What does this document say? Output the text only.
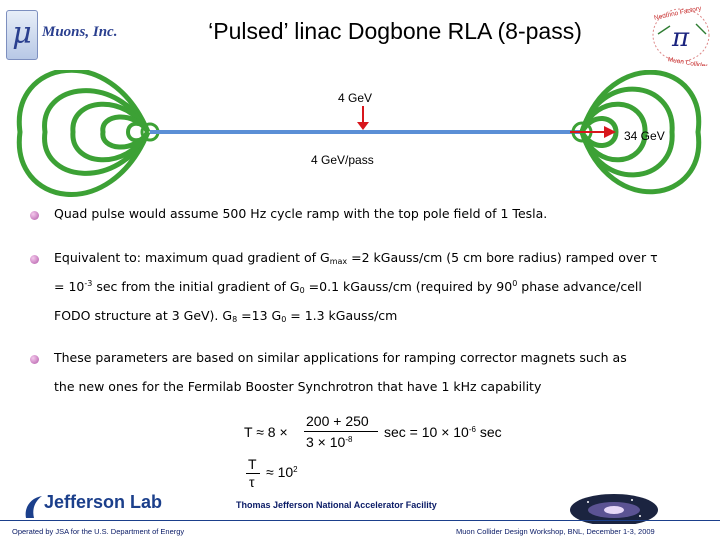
μ Muons, Inc.	‘Pulsed’ linac Dogbone RLA (8-pass)	π
Neutrino Factory
Muon Collider
4 GeV
34 GeV
4 GeV/pass
Quad pulse would assume 500 Hz cycle ramp with the top pole field of 1 Tesla.
Equivalent to: maximum quad gradient of $G_{max} =2$ kGauss/cm (5 cm bore radius) ramped over τ
= $10^{-3}$ sec from the initial gradient of $G_0 =0.1$ kGauss/cm (required by $90^0$ phase advance/cell
FODO structure at 3 GeV). $G_8 =13$ $G_0 = 1.3$ kGauss/cm
These parameters are based on similar applications for ramping corrector magnets such as
the new ones for the Fermilab Booster Synchrotron that have 1 kHz capability
T ≈ 8 ×
200 + 250
$3 \times 10^{-8}$ $\sec = 10 \times 10^{-6}$ sec
T
τ
≈ $10^2$
Jefferson Lab	Thomas Jefferson National Accelerator Facility
Operated by JSA for the U.S. Department of Energy	Muon Collider Design Workshop, BNL, December 1-3, 2009
